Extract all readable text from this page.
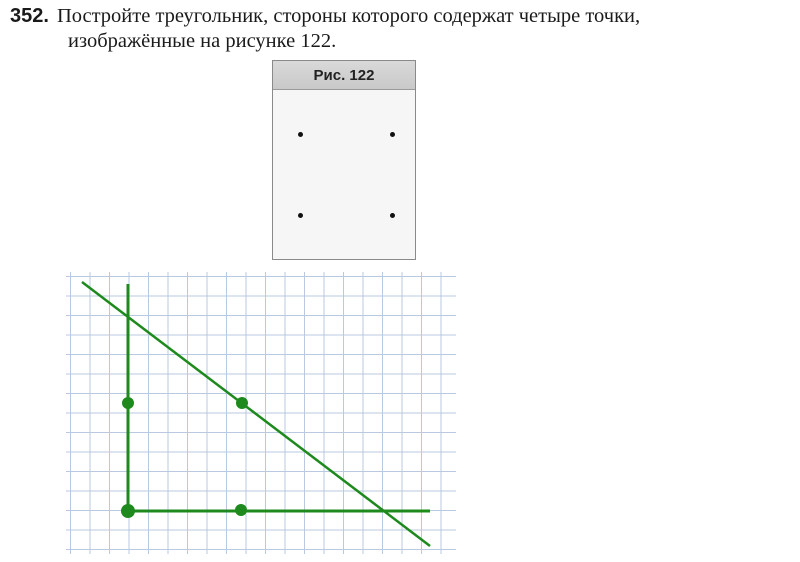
352. Постройте треугольник, стороны которого содержат четыре точки,
изображённые на рисунке 122.
Рис. 122
